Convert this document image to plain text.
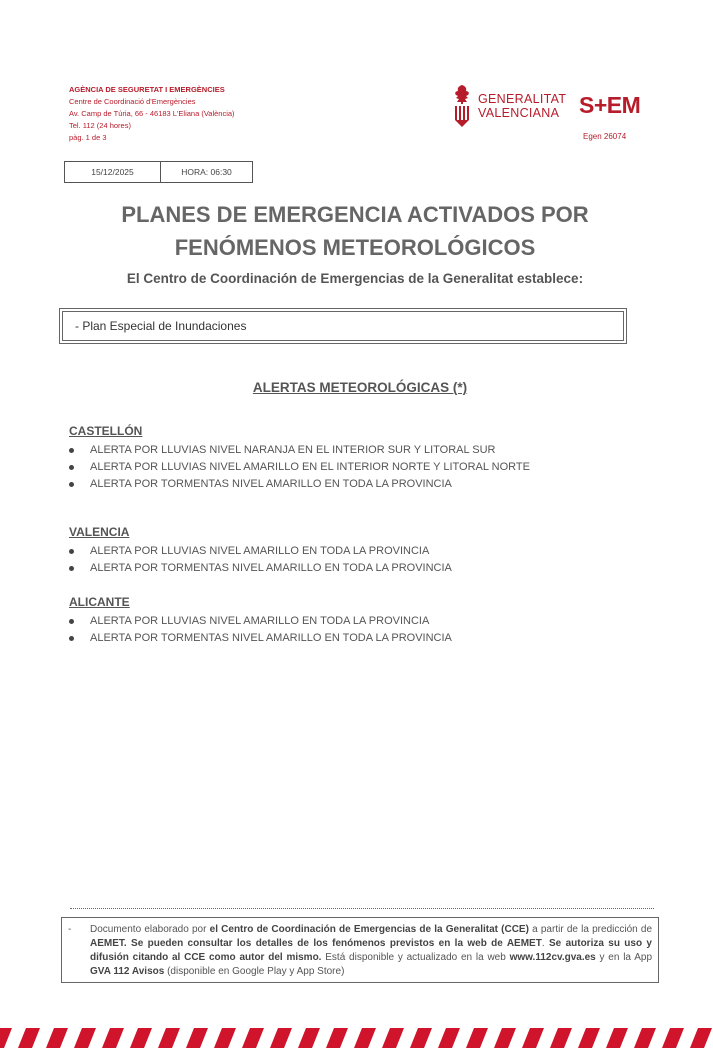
AGÈNCIA DE SEGURETAT I EMERGÈNCIES
Centre de Coordinació d'Emergències
Av. Camp de Túria, 66 - 46183 L'Eliana (València)
Tel. 112 (24 hores)
pàg. 1 de 3
GENERALITAT
VALENCIANA S+EM
Egen 26074
15/12/2025	HORA: 06:30
PLANES DE EMERGENCIA ACTIVADOS POR
FENÓMENOS METEOROLÓGICOS
El Centro de Coordinación de Emergencias de la Generalitat establece:
- Plan Especial de Inundaciones
ALERTAS METEOROLÓGICAS (*)
CASTELLÓN
ALERTA POR LLUVIAS NIVEL NARANJA EN EL INTERIOR SUR Y LITORAL SUR
ALERTA POR LLUVIAS NIVEL AMARILLO EN EL INTERIOR NORTE Y LITORAL NORTE
ALERTA POR TORMENTAS NIVEL AMARILLO EN TODA LA PROVINCIA
VALENCIA
ALERTA POR LLUVIAS NIVEL AMARILLO EN TODA LA PROVINCIA
ALERTA POR TORMENTAS NIVEL AMARILLO EN TODA LA PROVINCIA
ALICANTE
ALERTA POR LLUVIAS NIVEL AMARILLO EN TODA LA PROVINCIA
ALERTA POR TORMENTAS NIVEL AMARILLO EN TODA LA PROVINCIA
-	Documento elaborado por el Centro de Coordinación de Emergencias de la Generalitat (CCE) a partir de la predicción de AEMET. Se pueden consultar los detalles de los fenómenos previstos en la web de AEMET. Se autoriza su uso y difusión citando al CCE como autor del mismo. Está disponible y actualizado en la web www.112cv.gva.es y en la App GVA 112 Avisos (disponible en Google Play y App Store)
